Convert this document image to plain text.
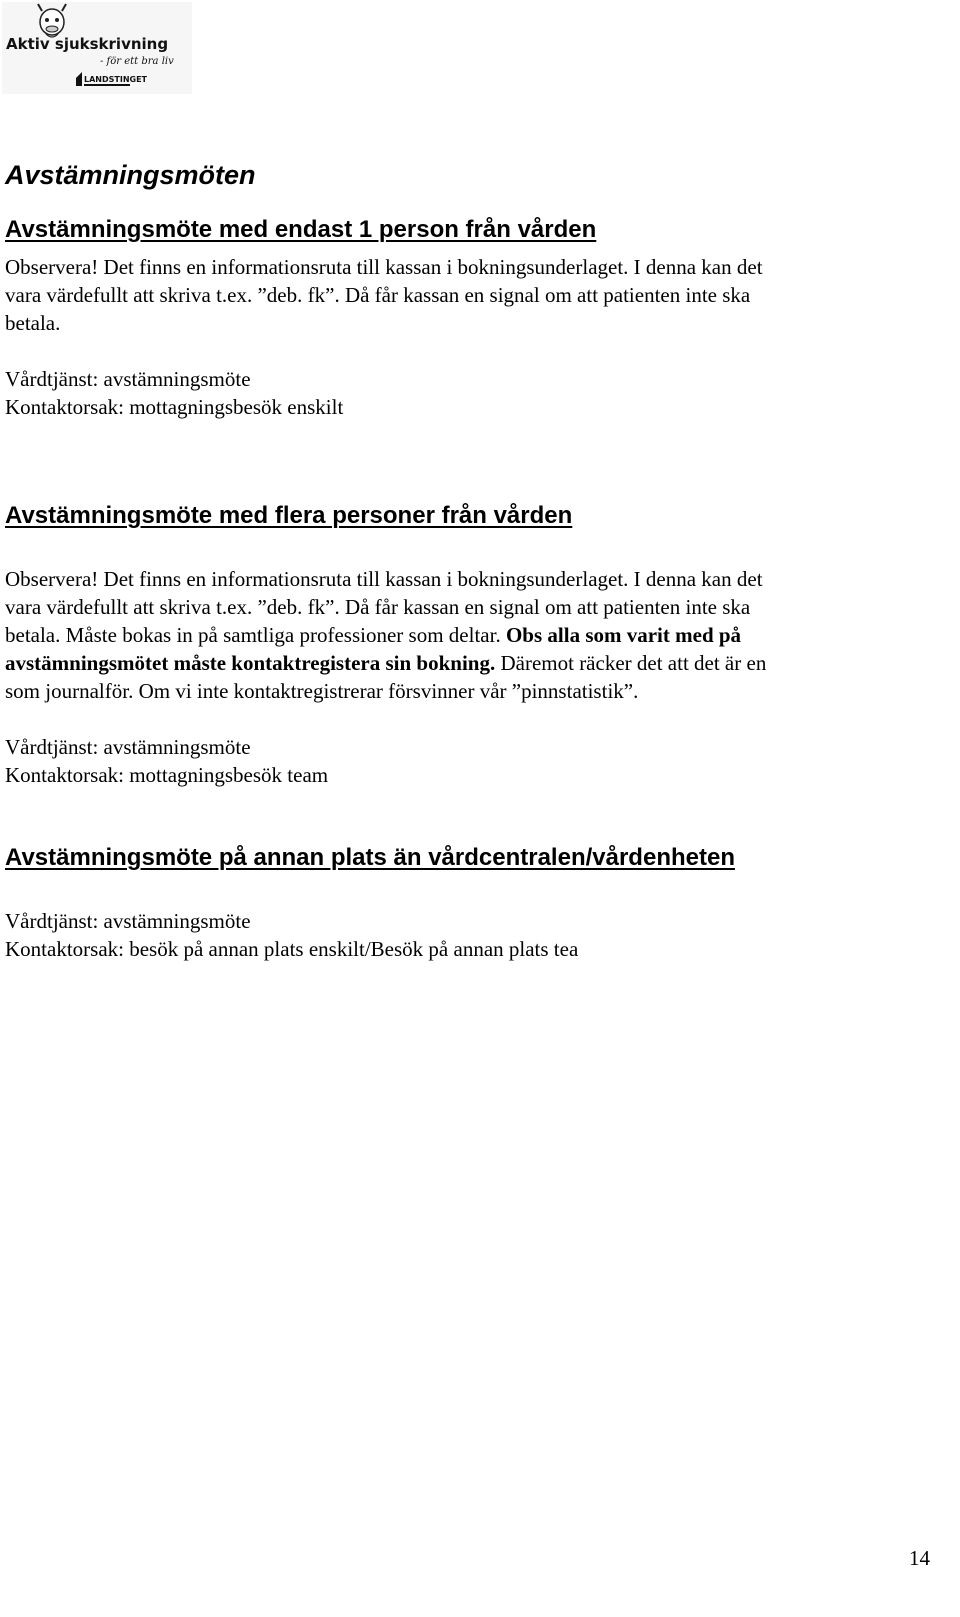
Aktiv sjukskrivning
- för ett bra liv
LANDSTINGET
Avstämningsmöten
Avstämningsmöte med endast 1 person från vården
Observera! Det finns en informationsruta till kassan i bokningsunderlaget. I denna kan det
vara värdefullt att skriva t.ex. ”deb. fk”. Då får kassan en signal om att patienten inte ska
betala.
Vårdtjänst: avstämningsmöte
Kontaktorsak: mottagningsbesök enskilt
Avstämningsmöte med flera personer från vården
Observera! Det finns en informationsruta till kassan i bokningsunderlaget. I denna kan det
vara värdefullt att skriva t.ex. ”deb. fk”. Då får kassan en signal om att patienten inte ska
betala. Måste bokas in på samtliga professioner som deltar. Obs alla som varit med på
avstämningsmötet måste kontaktregistera sin bokning. Däremot räcker det att det är en
som journalför. Om vi inte kontaktregistrerar försvinner vår ”pinnstatistik”.
Vårdtjänst: avstämningsmöte
Kontaktorsak: mottagningsbesök team
Avstämningsmöte på annan plats än vårdcentralen/vårdenheten
Vårdtjänst: avstämningsmöte
Kontaktorsak: besök på annan plats enskilt/Besök på annan plats tea
14
